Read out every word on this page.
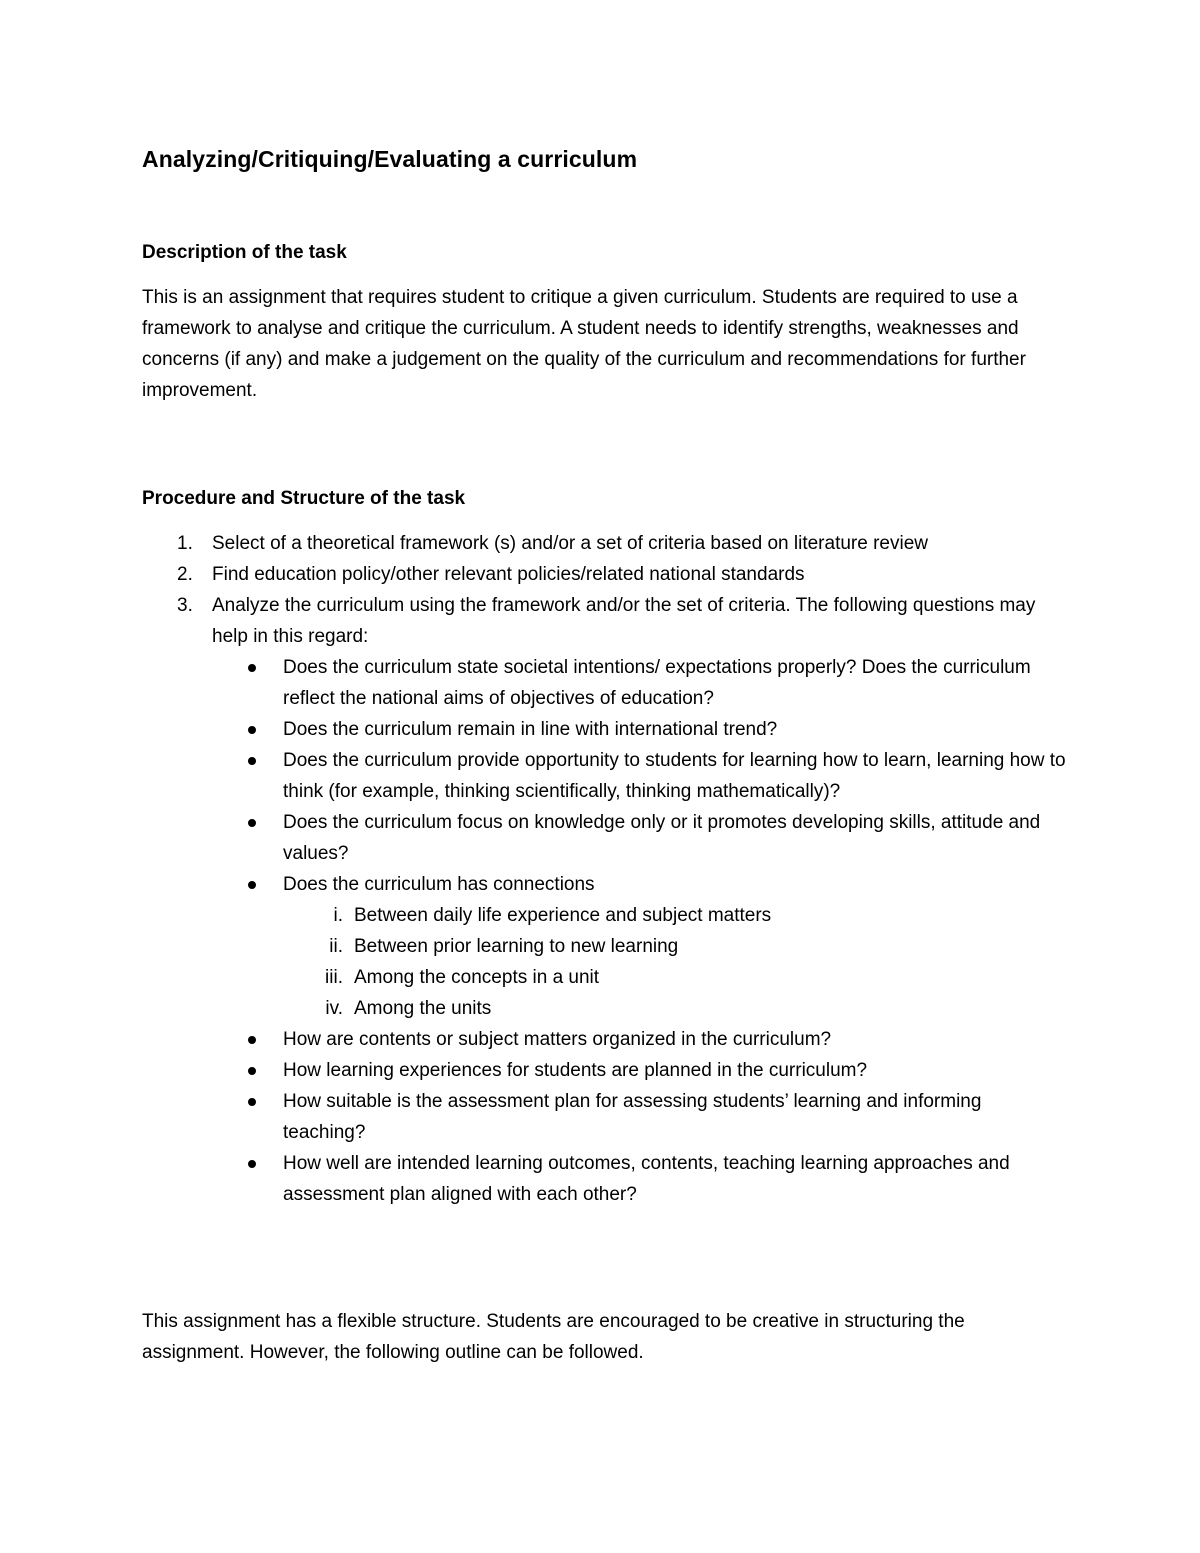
Analyzing/Critiquing/Evaluating a curriculum
Description of the task

This is an assignment that requires student to critique a given curriculum. Students are required to use a framework to analyse and critique the curriculum. A student needs to identify strengths, weaknesses and concerns (if any) and make a judgement on the quality of the curriculum and recommendations for further improvement.

Procedure and Structure of the task
1. Select of a theoretical framework (s) and/or a set of criteria based on literature review
2. Find education policy/other relevant policies/related national standards
3. Analyze the curriculum using the framework and/or the set of criteria. The following questions may help in this regard:
Does the curriculum state societal intentions/ expectations properly? Does the curriculum reflect the national aims of objectives of education?
Does the curriculum remain in line with international trend?
Does the curriculum provide opportunity to students for learning how to learn, learning how to think (for example, thinking scientifically, thinking mathematically)?
Does the curriculum focus on knowledge only or it promotes developing skills, attitude and values?
Does the curriculum has connections
i. Between daily life experience and subject matters
ii. Between prior learning to new learning
iii. Among the concepts in a unit
iv. Among the units
How are contents or subject matters organized in the curriculum?
How learning experiences for students are planned in the curriculum?
How suitable is the assessment plan for assessing students’ learning and informing teaching?
How well are intended learning outcomes, contents, teaching learning approaches and assessment plan aligned with each other?

This assignment has a flexible structure. Students are encouraged to be creative in structuring the assignment. However, the following outline can be followed.
